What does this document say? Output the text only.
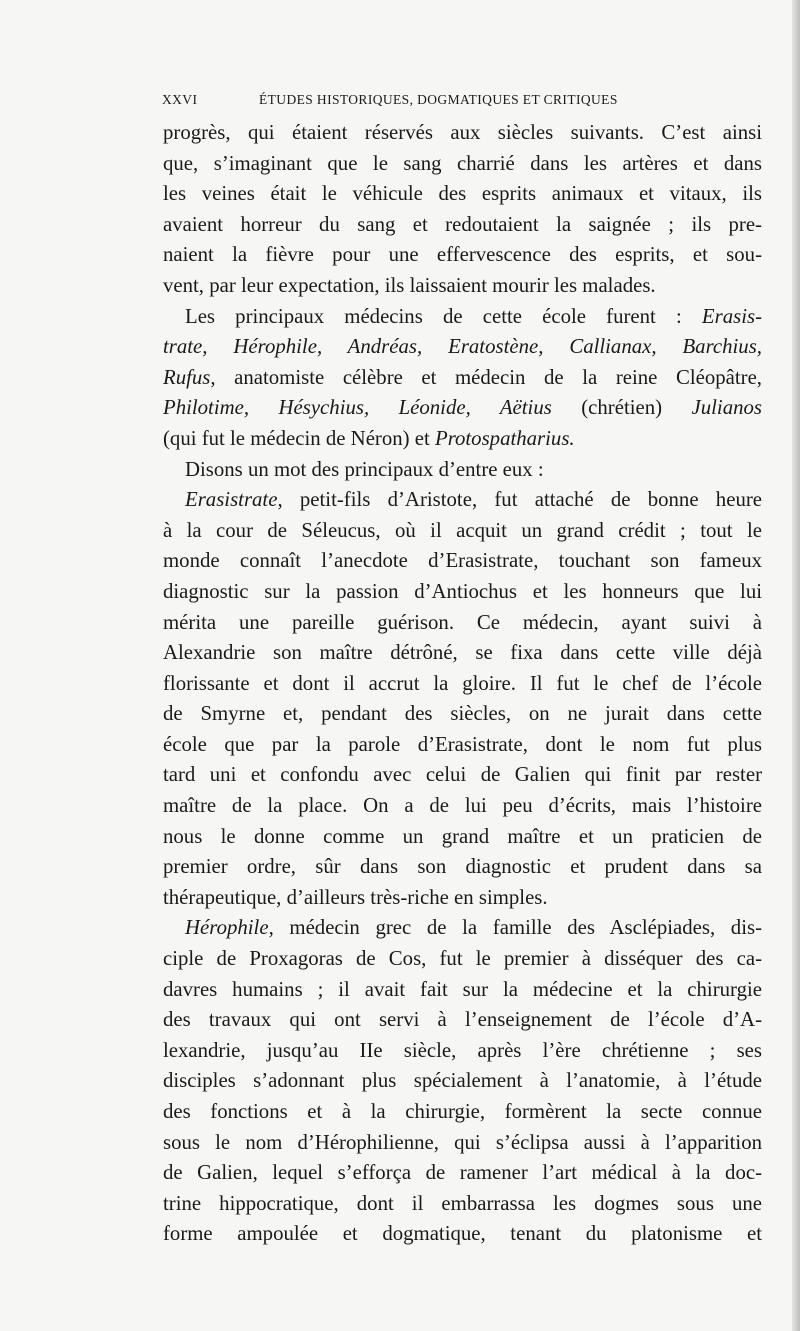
XXVI	ÉTUDES HISTORIQUES, DOGMATIQUES ET CRITIQUES
progrès, qui étaient réservés aux siècles suivants. C’est ainsi
que, s’imaginant que le sang charrié dans les artères et dans
les veines était le véhicule des esprits animaux et vitaux, ils
avaient horreur du sang et redoutaient la saignée ; ils pre-
naient la fièvre pour une effervescence des esprits, et sou-
vent, par leur expectation, ils laissaient mourir les malades.
Les principaux médecins de cette école furent : Erasis-
trate, Hérophile, Andréas, Eratostène, Callianax, Barchius,
Rufus, anatomiste célèbre et médecin de la reine Cléopâtre,
Philotime, Hésychius, Léonide, Aëtius (chrétien) Julianos
(qui fut le médecin de Néron) et Protospatharius.
Disons un mot des principaux d’entre eux :
Erasistrate, petit-fils d’Aristote, fut attaché de bonne heure
à la cour de Séleucus, où il acquit un grand crédit ; tout le
monde connaît l’anecdote d’Erasistrate, touchant son fameux
diagnostic sur la passion d’Antiochus et les honneurs que lui
mérita une pareille guérison. Ce médecin, ayant suivi à
Alexandrie son maître détrôné, se fixa dans cette ville déjà
florissante et dont il accrut la gloire. Il fut le chef de l’école
de Smyrne et, pendant des siècles, on ne jurait dans cette
école que par la parole d’Erasistrate, dont le nom fut plus
tard uni et confondu avec celui de Galien qui finit par rester
maître de la place. On a de lui peu d’écrits, mais l’histoire
nous le donne comme un grand maître et un praticien de
premier ordre, sûr dans son diagnostic et prudent dans sa
thérapeutique, d’ailleurs très-riche en simples.
Hérophile, médecin grec de la famille des Asclépiades, dis-
ciple de Proxagoras de Cos, fut le premier à disséquer des ca-
davres humains ; il avait fait sur la médecine et la chirurgie
des travaux qui ont servi à l’enseignement de l’école d’A-
lexandrie, jusqu’au IIe siècle, après l’ère chrétienne ; ses
disciples s’adonnant plus spécialement à l’anatomie, à l’étude
des fonctions et à la chirurgie, formèrent la secte connue
sous le nom d’Hérophilienne, qui s’éclipsa aussi à l’apparition
de Galien, lequel s’efforça de ramener l’art médical à la doc-
trine hippocratique, dont il embarrassa les dogmes sous une
forme ampoulée et dogmatique, tenant du platonisme et
